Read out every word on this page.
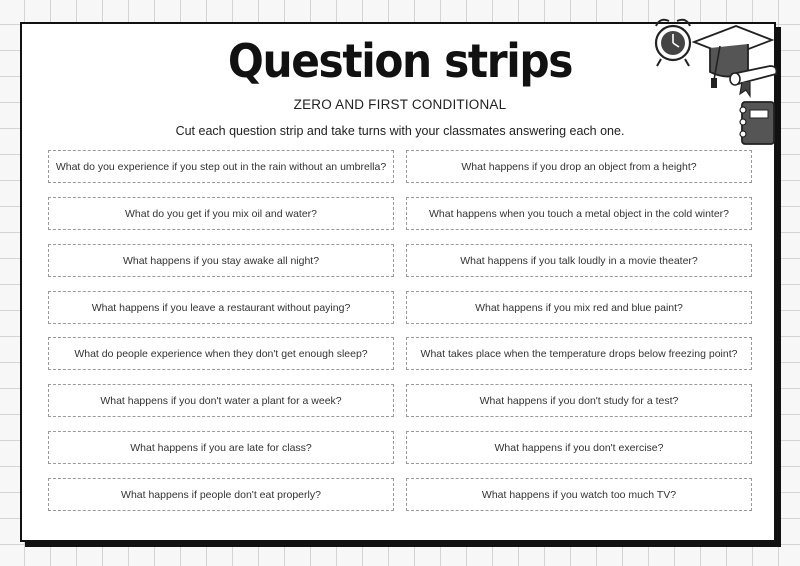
Question strips
ZERO AND FIRST CONDITIONAL
Cut each question strip and take turns with your classmates answering each one.
What do you experience if you step out in the rain without an umbrella?
What do you get if you mix oil and water?
What happens if you stay awake all night?
What happens if you leave a restaurant without paying?
What do people experience when they don't get enough sleep?
What happens if you don't water a plant for a week?
What happens if you are late for class?
What happens if people don't eat properly?
What happens if you drop an object from a height?
What happens when you touch a metal object in the cold winter?
What happens if you talk loudly in a movie theater?
What happens if you mix red and blue paint?
What takes place when the temperature drops below freezing point?
What happens if you don't study for a test?
What happens if you don't exercise?
What happens if you watch too much TV?
